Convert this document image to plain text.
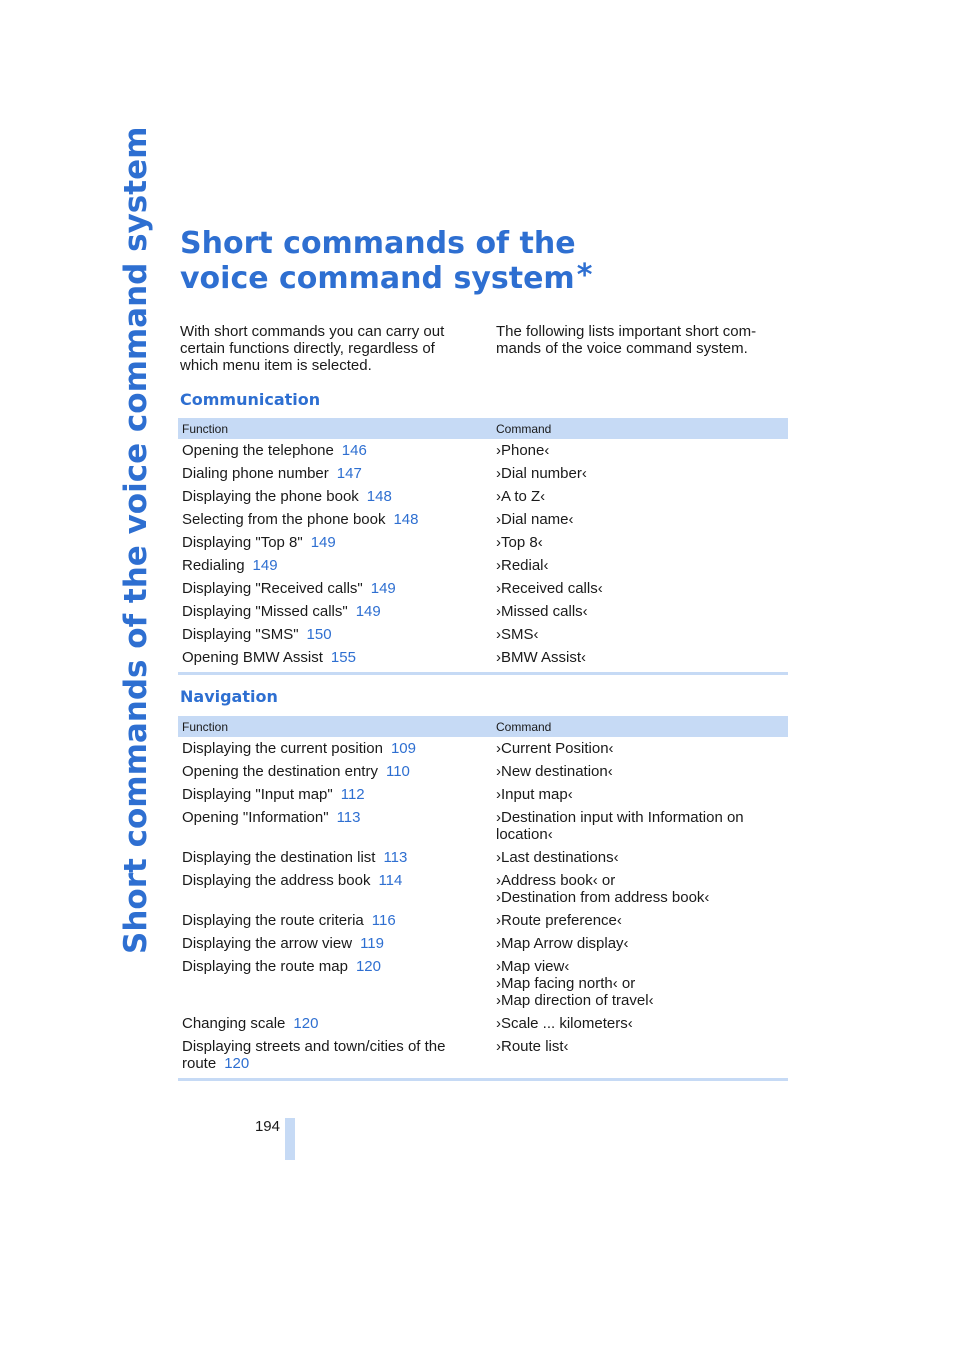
Short commands of the voice command system Short commands of the
voice command system*

With short commands you can carry out certain functions directly, regardless of which menu item is selected.

The following lists important short com-mands of the voice command system.

Communication
Function	Command
Opening the telephone 146	›Phone‹

Dialing phone number 147	›Dial number‹

Displaying the phone book 148	›A to Z‹

Selecting from the phone book 148	›Dial name‹

Displaying "Top 8" 149	›Top 8‹

Redialing 149	›Redial‹

Displaying "Received calls" 149	›Received calls‹

Displaying "Missed calls" 149	›Missed calls‹

Displaying "SMS" 150	›SMS‹

Opening BMW Assist 155	›BMW Assist‹
Navigation
Function	Command
Displaying the current position 109	›Current Position‹

Opening the destination entry 110	›New destination‹

Displaying "Input map" 112	›Input map‹

Opening "Information" 113	›Destination input with Information on location‹

Displaying the destination list 113	›Last destinations‹

Displaying the address book 114	›Address book‹ or
›Destination from address book‹

Displaying the route criteria 116	›Route preference‹

Displaying the arrow view 119	›Map Arrow display‹

Displaying the route map 120	›Map view‹
›Map facing north‹ or
›Map direction of travel‹

Changing scale 120	›Scale ... kilometers‹

Displaying streets and town/cities of the route 120	›Route list‹
194
